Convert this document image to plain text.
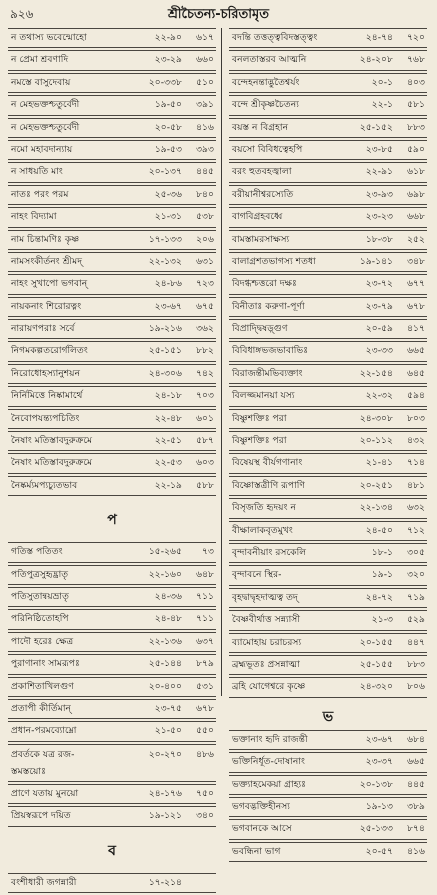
৯২৬	শ্রীচৈতন্য-চরিতামৃত
ন তথাস্য ভবেন্মোহো	২২-৯০ ৬১৭
ন প্রেমা শ্রবণাদি	২৩-২৯ ৬৬০
নমস্তে বাসুদেবায়	২০-৩৩৮ ৫১০
ন মেহভক্তশ্চতুর্বেদী	১৯-৫০ ৩৯১
ন মেহভক্তশ্চতুর্বেদী	২০-৫৮ ৪১৬
নমো মহাবদান্যায়	১৯-৫৩ ৩৯৩
ন সাধয়তি মাং	২০-১৩৭ ৪৪৫
নাতঃ পরং পরম	২৫-৩৬ ৮৪০
নাহং বিদ্যামা	২১-৩১ ৫৩৮
নাম চিন্তামণিঃ কৃষ্ণ	১৭-১৩৩ ২০৬
নামসংকীর্তনং শ্রীমদ্	২২-১৩২ ৬৩১
নাহং সুখাপো ভগবান্	২৪-৮৬ ৭২৩
নায়কনাং শিরোরত্নং	২৩-৬৭ ৬৭৫
নারায়ণপরাঃ সর্বে	১৯-২১৬ ৩৬২
নিগমকল্পতরোর্গলিতং	২৫-১৫১ ৮৮২
নিরোধোহস্যানুশয়ন	২৪-৩০৬ ৭৪২
নির্নিমিত্তে নিষ্কামার্থে	২৪-১৮ ৭০৩
নৈবোপযন্ত্যপচিতিং	২২-৪৮ ৬০১
নৈষাং মতিস্তাবদুরুক্রমে	২২-৫১ ৫৮৭
নৈষাং মতিস্তাবদুরুক্রমে	২২-৫৩ ৬০৩
নৈষ্কর্ম্যমপ্যচ্যুতভাব	২২-১৯ ৫৮৮
প
গতিস্ত পতিতং	১৫-২৬৫ ৭৩
পতিপুত্রসুহৃদ্ভ্রাতৃ	২২-১৬০ ৬৪৮
পতিসুতান্বয়ভ্রাতৃ	২৪-৩৬ ৭১১
পরিনিষ্ঠিতোহপি	২৪-৪৮ ৭১১
পাদৌ হরেঃ ক্ষেত্র	২২-১৩৬ ৬৩৭
পুরাণানাং সামরূপঃ	২৫-১৪৪ ৮৭৯
প্রকাশিতাখিলগুণ	২০-৪০০ ৫৩১
প্রতাপী কীর্তিমান্	২৩-৭৫ ৬৭৮
প্রধান-পরমব্যোম্নো	২১-৫০ ৫৫০
প্রবর্তকে যত্র রজ-	২০-২৭০ ৪৮৬
স্তমস্তয়োঃ
প্রাণে যতায় মুনয়ো	২৪-১৭৬ ৭৫০
প্রিয়স্বরূপে দয়িত	১৯-১২১ ৩৪০
ব
বংশীধারী জগন্নারী	১৭-২১৪
বদন্তি তত্তত্ত্ববিদস্তত্ত্বং	২৪-৭৪ ৭২০
বনলতাস্তরব আত্মনি	২৪-২০৮ ৭৬৮
বন্দেহনন্তাদ্ভুতৈশ্বর্যং	২০-১ ৪০৩
বন্দে শ্রীকৃষ্ণচৈতন্য	২২-১ ৫৮১
বয়স্ত ন বিগ্রহান	২৫-১৫২ ৮৮৩
বয়সো বিবিধত্বেহপি	২৩-৮৫ ৫৯০
বরং হুতবহজ্বালা	২২-৯১ ৬১৮
বরীয়ানীশ্বরস্যেতি	২৩-৯৩ ৬৯৮
বাগবিগ্রহবধ্বে	২৩-২৩ ৬৬৮
বামস্তামরসাক্ষস্য	১৮-৩৮ ২৫২
বালাগ্রশতভাগস্য শতধা	১৯-১৪১ ৩৪৮
বিদগ্ধশ্চত্তরো দক্ষঃ	২৩-৭২ ৬৭৭
বিনীতাঃ করুণা-পূর্ণা	২৩-৭৯ ৬৭৮
বিপ্রাদ্দ্বিষড়্গুণ	২০-৫৯ ৪১৭
বিবিধাঙ্গভজভাবাভিঃ	২৩-৩৩ ৬৬৫
বিরাজন্তীমভিব্যক্তাং	২২-১৫৪ ৬৪৫
বিলজ্জমানয়া যস্য	২২-৩২ ৫৯৪
বিষ্ণুশক্তিঃ পরা	২৪-৩০৮ ৮০৩
বিষ্ণুশক্তিঃ পরা	২০-১১২ ৪৩২
বিষেয়স্থ বীর্যগণানাং	২১-৪১ ৭১৪
বিষ্ণোস্তত্রীণি রূপাণি	২০-২৫১ ৪৮১
বিসৃজতি হৃদয়ং ন	২২-১৩৪ ৬৩২
বীক্ষালাকবৃতমুখং	২৪-৫০ ৭১২
বৃন্দাবনীয়াং রসকেলি	১৮-১ ৩০৫
বৃন্দাবনে স্থির-	১৯-১ ৩২০
বৃহদ্বাদ্বৃহদাত্মত্ব তদ্	২৪-৭২ ৭১৯
বৈষ্ণবীর্থাত্ত সন্ন্যাসী	২১-৩ ৫২৯
ব্যামোহায় চরাচরস্য	২০-১৫৫ ৪৪৭
ব্রহ্মভূতঃ প্রসন্নাত্মা	২৫-১৫৫ ৮৮৩
ব্রহি যোগেশ্বরে কৃষ্ণে	২৪-৩২০ ৮০৬
ভ
ভক্তানাং হৃদি রাজন্তী	২৩-৬৭ ৬৮৪
ভক্তিনির্ধূত-দোষানাং	২৩-৩৭ ৬৬৫
ভক্ত্যাহমেকয়া গ্রাহ্যঃ	২০-১৩৮ ৪৪৫
ভগবদ্ভক্তিহীনস্য	১৯-১৩ ৩৮৯
ভগবানকে আসে	২৫-১৩৩ ৮৭৪
ভবন্ধিনা ভাগ	২০-৫৭ ৪১৬
